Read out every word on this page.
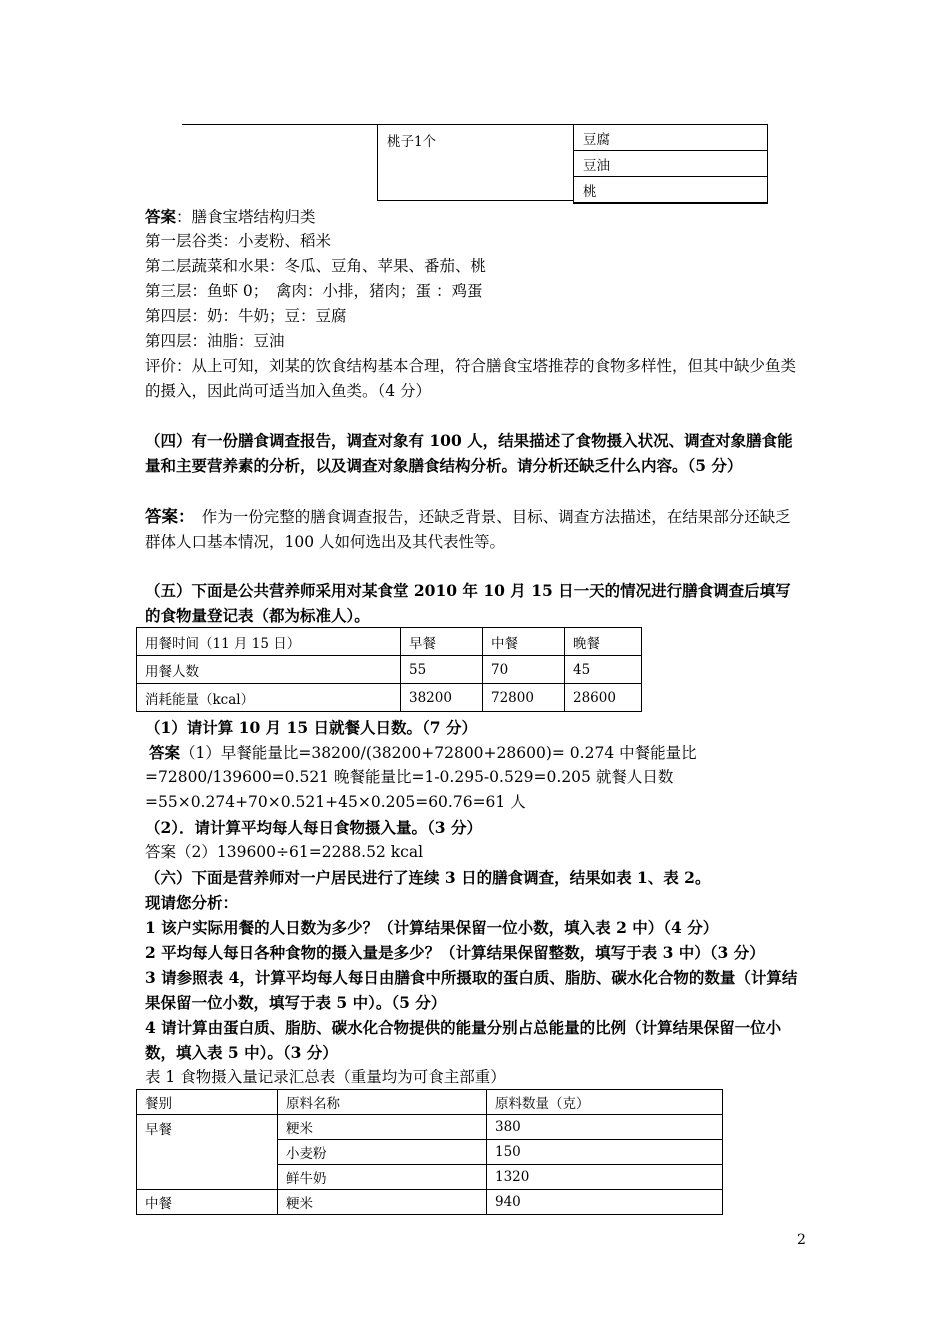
桃子1个	豆腐
豆油
桃
答案：膳食宝塔结构归类
第一层谷类：小麦粉、稻米
第二层蔬菜和水果：冬瓜、豆角、苹果、番茄、桃
第三层：鱼虾 0；　禽肉：小排，猪肉；蛋 ：鸡蛋
第四层：奶：牛奶；豆：豆腐
第四层：油脂：豆油
评价：从上可知，刘某的饮食结构基本合理，符合膳食宝塔推荐的食物多样性，但其中缺少鱼类的摄入，因此尚可适当加入鱼类。（4 分）
（四）有一份膳食调查报告，调查对象有 100 人，结果描述了食物摄入状况、调查对象膳食能量和主要营养素的分析，以及调查对象膳食结构分析。请分析还缺乏什么内容。（5 分）
答案：　作为一份完整的膳食调查报告，还缺乏背景、目标、调查方法描述，在结果部分还缺乏群体人口基本情况，100 人如何选出及其代表性等。
（五）下面是公共营养师采用对某食堂 2010 年 10 月 15 日一天的情况进行膳食调查后填写的食物量登记表（都为标准人）。
用餐时间（11 月 15 日）	早餐	中餐	晚餐
用餐人数	55	70	45
消耗能量（kcal）	38200	72800	28600
（1）请计算 10 月 15 日就餐人日数。（7 分）
答案（1）早餐能量比=38200/(38200+72800+28600)= 0.274 中餐能量比
=72800/139600=0.521 晚餐能量比=1-0.295-0.529=0.205 就餐人日数
=55×0.274+70×0.521+45×0.205=60.76=61 人
（2）．请计算平均每人每日食物摄入量。（3 分）
答案（2）139600÷61=2288.52 kcal
（六）下面是营养师对一户居民进行了连续 3 日的膳食调查，结果如表 1、表 2。
现请您分析：
1 该户实际用餐的人日数为多少？（计算结果保留一位小数，填入表 2 中）（4 分）
2 平均每人每日各种食物的摄入量是多少？（计算结果保留整数，填写于表 3 中）（3 分）
3 请参照表 4，计算平均每人每日由膳食中所摄取的蛋白质、脂肪、碳水化合物的数量（计算结果保留一位小数，填写于表 5 中）。（5 分）
4 请计算由蛋白质、脂肪、碳水化合物提供的能量分别占总能量的比例（计算结果保留一位小数，填入表 5 中）。（3 分）
表 1 食物摄入量记录汇总表（重量均为可食主部重）
餐别	原料名称	原料数量（克）
早餐	粳米	380
	小麦粉	150
	鲜牛奶	1320
中餐	粳米	940
2
